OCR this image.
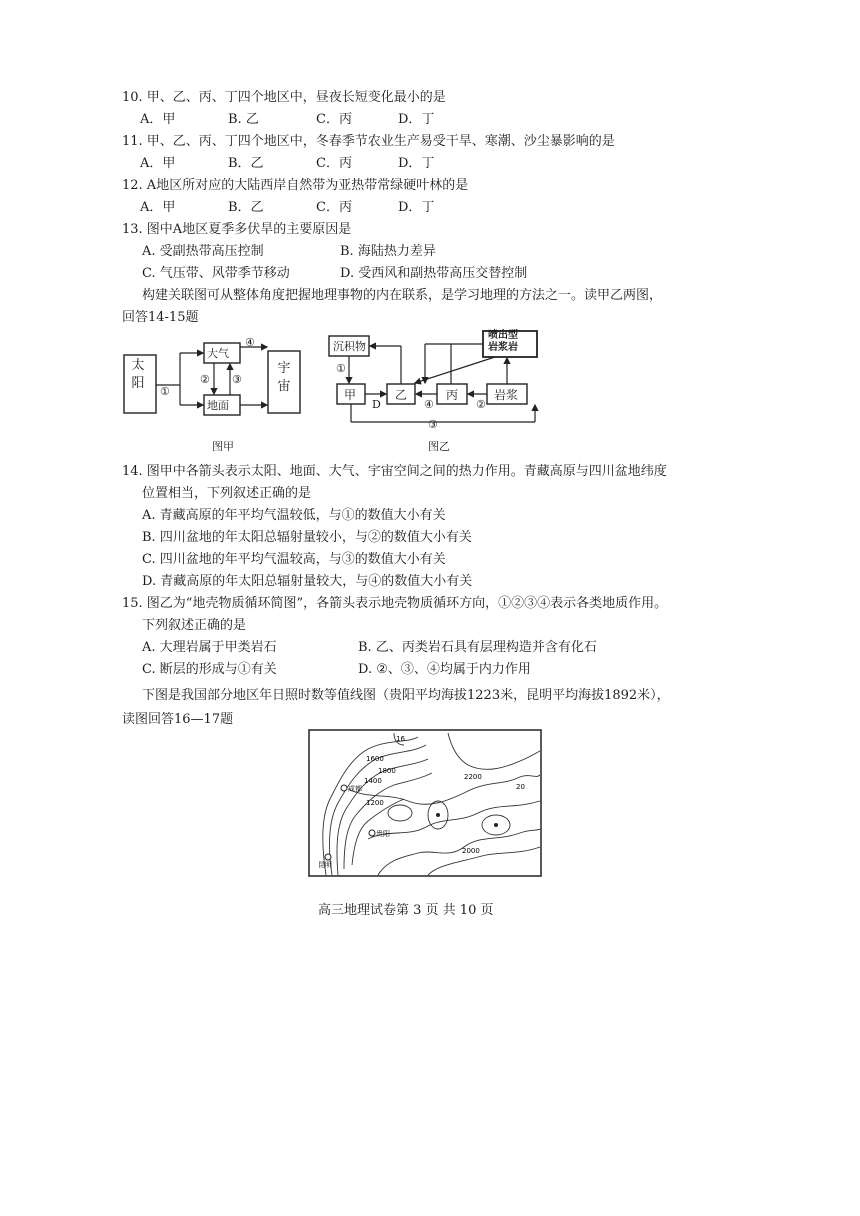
10. 甲、乙、丙、丁四个地区中，昼夜长短变化最小的是
A．甲	B. 乙	C．丙	D．丁
11. 甲、乙、丙、丁四个地区中，冬春季节农业生产易受干旱、寒潮、沙尘暴影响的是
A．甲	B．乙	C．丙	D．丁
12. A地区所对应的大陆西岸自然带为亚热带常绿硬叶林的是
A．甲	B．乙	C．丙	D．丁
13. 图中A地区夏季多伏旱的主要原因是
A. 受副热带高压控制	B. 海陆热力差异
C. 气压带、风带季节移动	D. 受西风和副热带高压交替控制
构建关联图可从整体角度把握地理事物的内在联系，是学习地理的方法之一。读甲乙两图，
回答14-15题
太
阳
大气
地面
宇
宙
①
② ③
④
图甲
沉积物
喷出型
岩浆岩
甲	乙	丙	岩浆
①
D	④	②
③
图乙
14. 图甲中各箭头表示太阳、地面、大气、宇宙空间之间的热力作用。青藏高原与四川盆地纬度
位置相当，下列叙述正确的是
A. 青藏高原的年平均气温较低，与①的数值大小有关
B. 四川盆地的年太阳总辐射量较小，与②的数值大小有关
C. 四川盆地的年平均气温较高，与③的数值大小有关
D. 青藏高原的年太阳总辐射量较大，与④的数值大小有关
15. 图乙为“地壳物质循环简图”，各箭头表示地壳物质循环方向，①②③④表示各类地质作用。
下列叙述正确的是
A. 大理岩属于甲类岩石	B. 乙、丙类岩石具有层理构造并含有化石
C. 断层的形成与①有关	D. ②、③、④均属于内力作用
下图是我国部分地区年日照时数等值线图（贵阳平均海拔1223米，昆明平均海拔1892米），
读图回答16—17题
成都
贵阳
昆明
1600
1800
1400
1200
2200
2000
16
20
高三地理试卷第 3 页 共 10 页
